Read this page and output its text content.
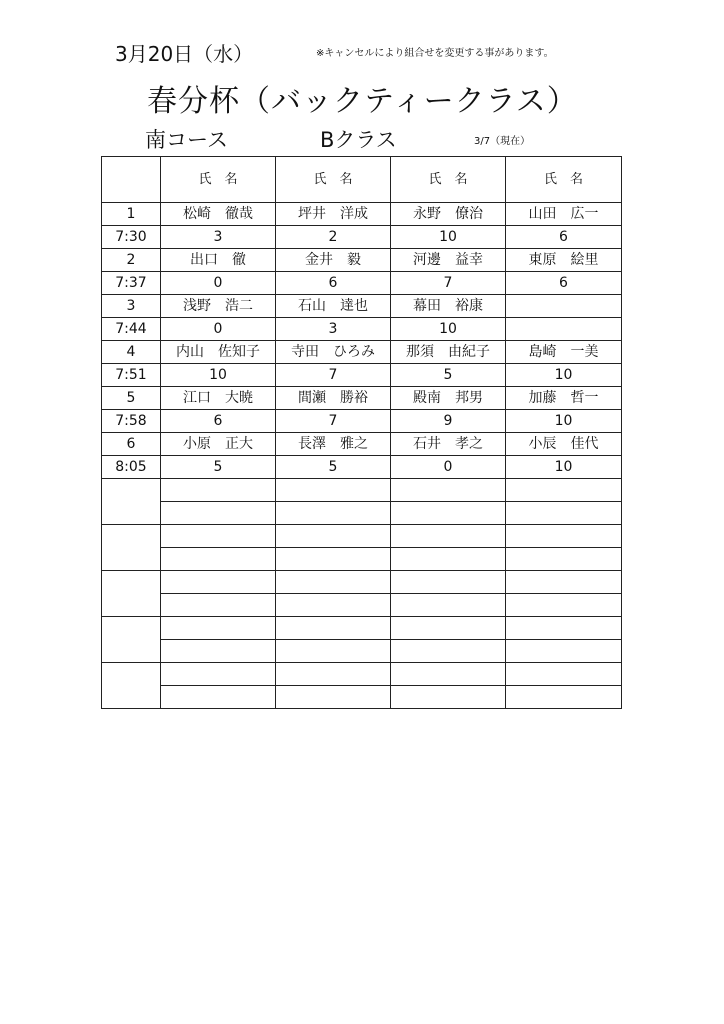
3月20日（水）	※キャンセルにより組合せを変更する事があります。
春分杯（バックティークラス）
南コース	Bクラス	3/7（現在）
	氏　名	氏　名	氏　名	氏　名
1	松崎　徹哉	坪井　洋成	永野　僚治	山田　広一
7:30	3	2	10	6
2	出口　徹	金井　毅	河邊　益幸	東原　絵里
7:37	0	6	7	6
3	浅野　浩二	石山　達也	幕田　裕康	
7:44	0	3	10	
4	内山　佐知子	寺田　ひろみ	那須　由紀子	島崎　一美
7:51	10	7	5	10
5	江口　大暁	間瀬　勝裕	殿南　邦男	加藤　哲一
7:58	6	7	9	10
6	小原　正大	長澤　雅之	石井　孝之	小辰　佳代
8:05	5	5	0	10
